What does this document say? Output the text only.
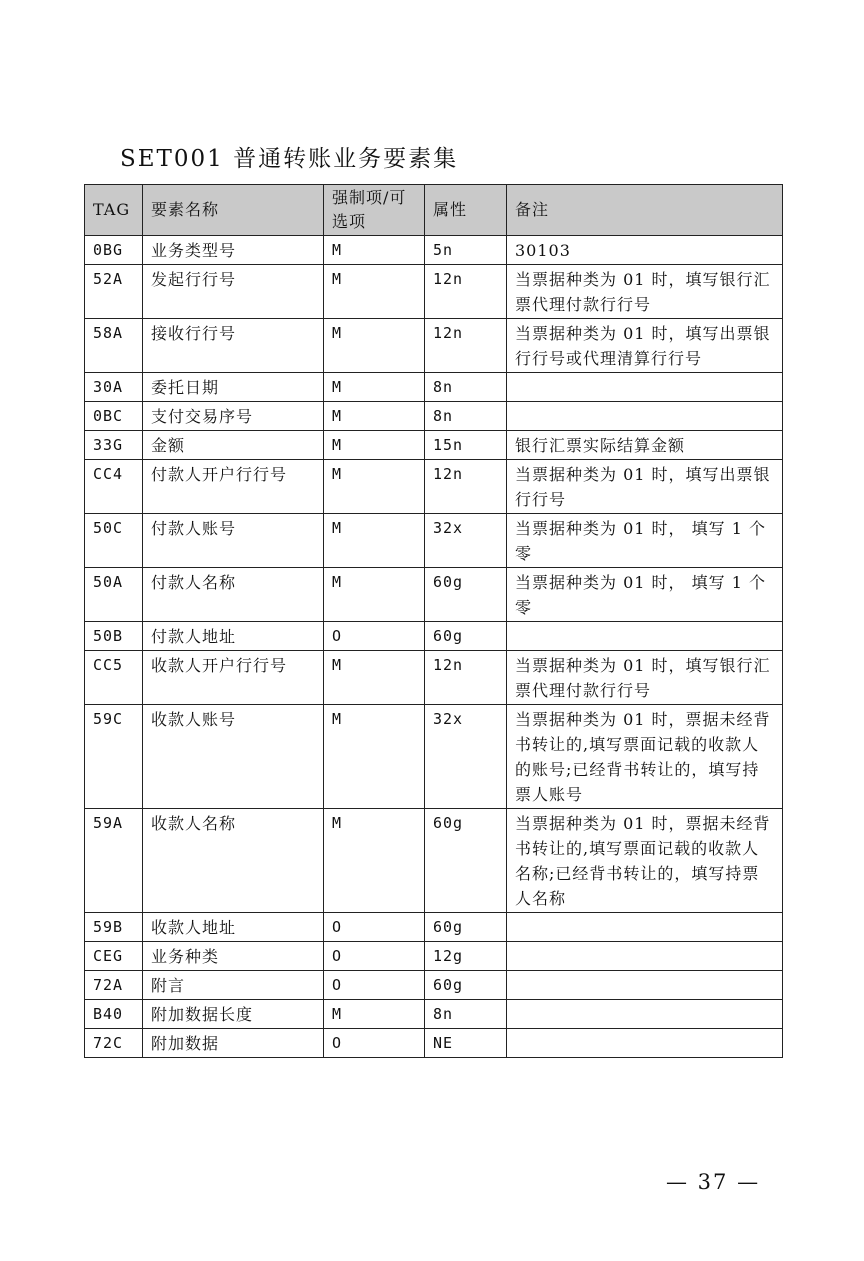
SET001 普通转账业务要素集
TAG	要素名称	强制项/可选项	属性	备注
0BG	业务类型号	M	5n	30103
52A	发起行行号	M	12n	当票据种类为 01 时，填写银行汇票代理付款行行号
58A	接收行行号	M	12n	当票据种类为 01 时，填写出票银行行号或代理清算行行号
30A	委托日期	M	8n	
0BC	支付交易序号	M	8n	
33G	金额	M	15n	银行汇票实际结算金额
CC4	付款人开户行行号	M	12n	当票据种类为 01 时，填写出票银行行号
50C	付款人账号	M	32x	当票据种类为 01 时， 填写 1 个零
50A	付款人名称	M	60g	当票据种类为 01 时， 填写 1 个零
50B	付款人地址	O	60g	
CC5	收款人开户行行号	M	12n	当票据种类为 01 时，填写银行汇票代理付款行行号
59C	收款人账号	M	32x	当票据种类为 01 时，票据未经背书转让的,填写票面记载的收款人的账号;已经背书转让的，填写持票人账号
59A	收款人名称	M	60g	当票据种类为 01 时，票据未经背书转让的,填写票面记载的收款人名称;已经背书转让的，填写持票人名称
59B	收款人地址	O	60g	
CEG	业务种类	O	12g	
72A	附言	O	60g	
B40	附加数据长度	M	8n	
72C	附加数据	O	NE	
— 37 —
